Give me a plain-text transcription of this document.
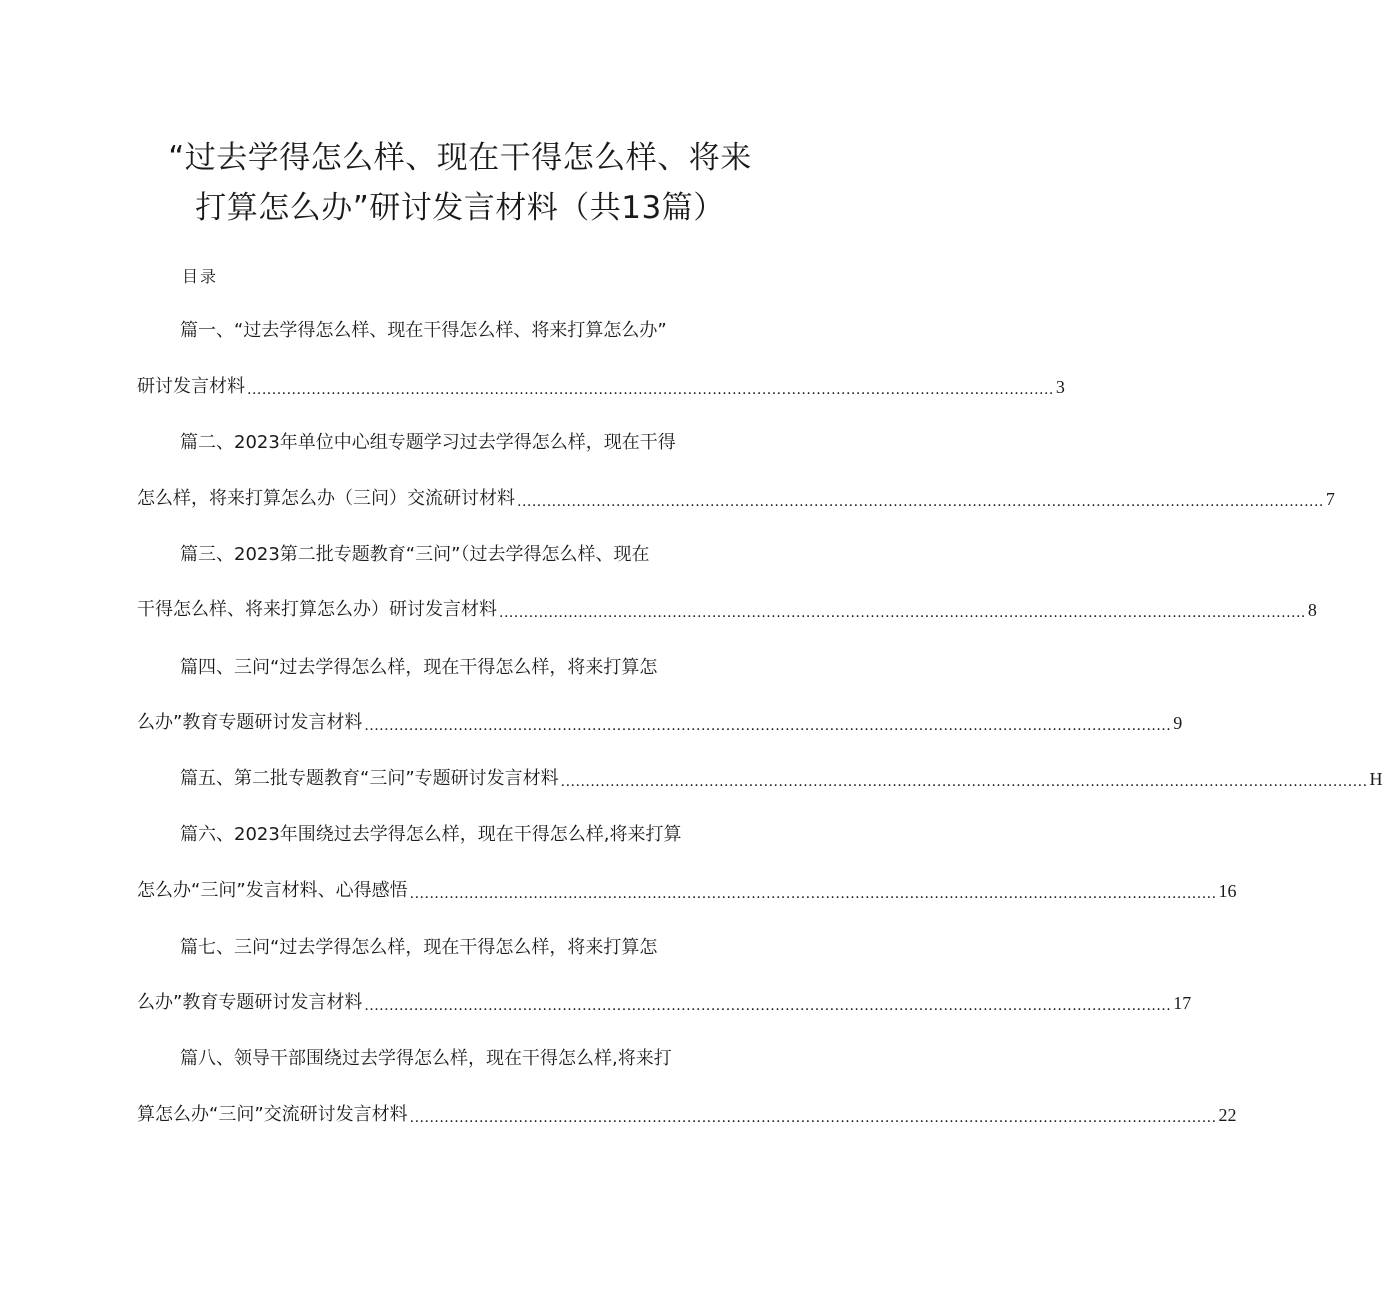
“过去学得怎么样、现在干得怎么样、将来
打算怎么办”研讨发言材料（共13篇）
目录
篇一、“过去学得怎么样、现在干得怎么样、将来打算怎么办”
研讨发言材料 ................................................................................................................................................................... 3
篇二、2023年单位中心组专题学习过去学得怎么样，现在干得
怎么样，将来打算怎么办（三问）交流研讨材料 ................................................................................................................................................................... 7
篇三、2023第二批专题教育“三问”（过去学得怎么样、现在
干得怎么样、将来打算怎么办）研讨发言材料 ................................................................................................................................................................... 8
篇四、三问“过去学得怎么样，现在干得怎么样，将来打算怎
么办”教育专题研讨发言材料 ................................................................................................................................................................... 9
篇五、第二批专题教育“三问”专题研讨发言材料 ................................................................................................................................................................... H
篇六、2023年围绕过去学得怎么样，现在干得怎么样,将来打算
怎么办“三问”发言材料、心得感悟 ................................................................................................................................................................... 16
篇七、三问“过去学得怎么样，现在干得怎么样，将来打算怎
么办”教育专题研讨发言材料 ................................................................................................................................................................... 17
篇八、领导干部围绕过去学得怎么样，现在干得怎么样,将来打
算怎么办“三问”交流研讨发言材料 ................................................................................................................................................................... 22
